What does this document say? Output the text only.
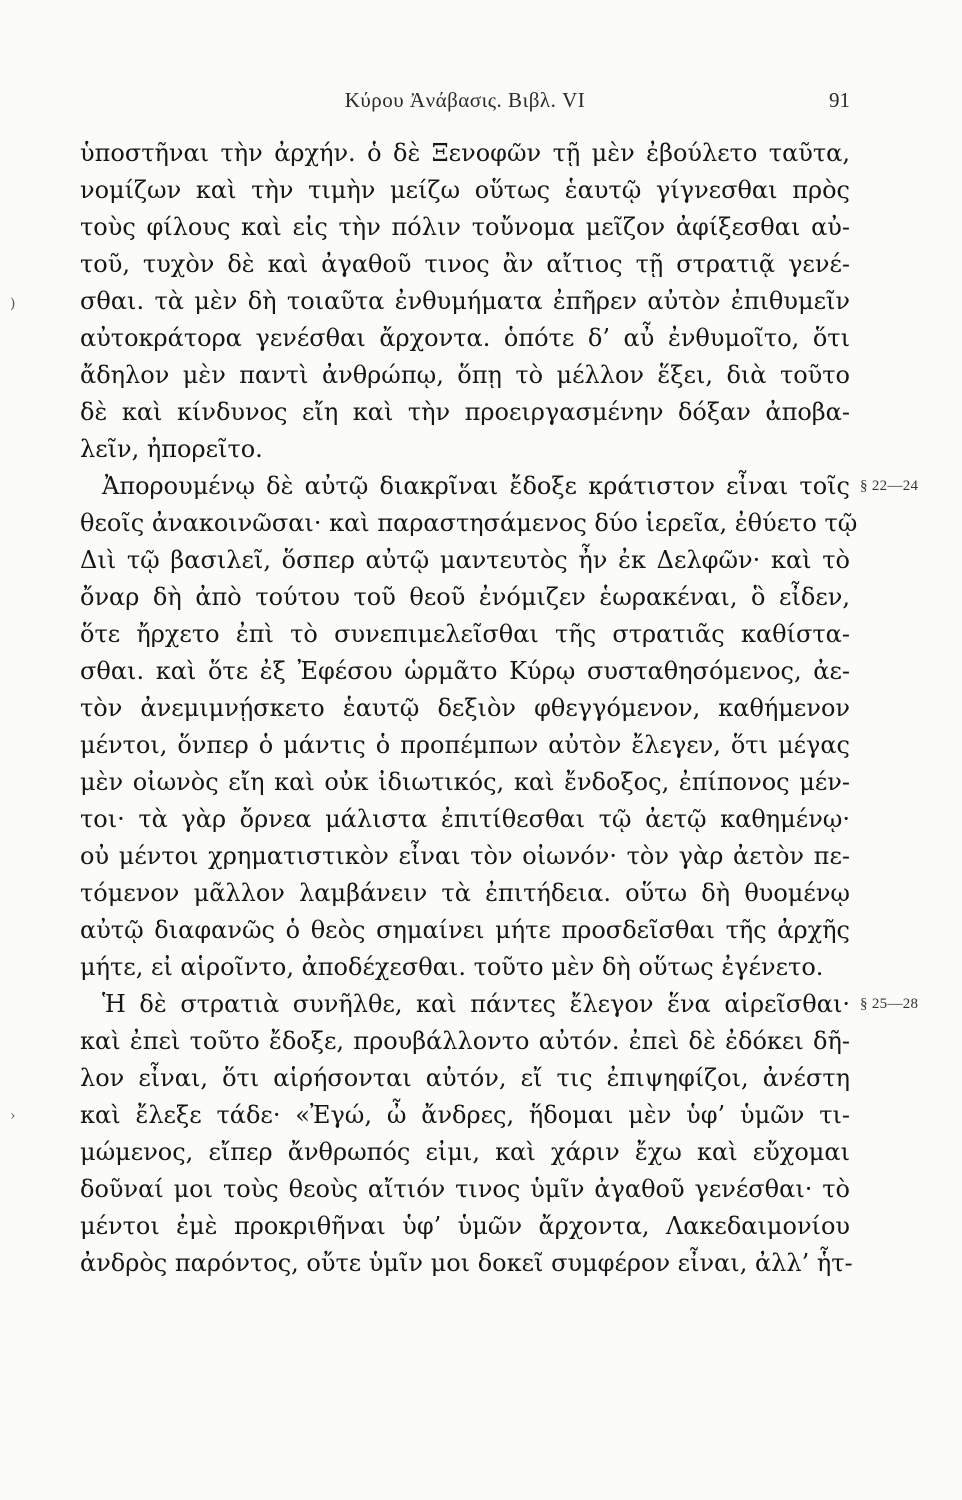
Κύρου Ἀνάβασις. Βιβλ. VI	91
)
›
ὑποστῆναι τὴν ἀρχήν. ὁ δὲ Ξενοφῶν τῇ μὲν ἐβούλετο ταῦτα,
νομίζων καὶ τὴν τιμὴν μείζω οὕτως ἑαυτῷ γίγνεσθαι πρὸς
τοὺς φίλους καὶ εἰς τὴν πόλιν τοὔνομα μεῖζον ἀφίξεσθαι αὐ-
τοῦ, τυχὸν δὲ καὶ ἀγαθοῦ τινος ἂν αἴτιος τῇ στρατιᾷ γενέ-
σθαι. τὰ μὲν δὴ τοιαῦτα ἐνθυμήματα ἐπῆρεν αὐτὸν ἐπιθυμεῖν
αὐτοκράτορα γενέσθαι ἄρχοντα. ὁπότε δ’ αὖ ἐνθυμοῖτο, ὅτι
ἄδηλον μὲν παντὶ ἀνθρώπῳ, ὅπῃ τὸ μέλλον ἕξει, διὰ τοῦτο
δὲ καὶ κίνδυνος εἴη καὶ τὴν προειργασμένην δόξαν ἀποβα-
λεῖν, ἠπορεῖτο.
Ἀπορουμένῳ δὲ αὐτῷ διακρῖναι ἔδοξε κράτιστον εἶναι τοῖς § 22—24
θεοῖς ἀνακοινῶσαι· καὶ παραστησάμενος δύο ἱερεῖα, ἐθύετο τῷ
Διὶ τῷ βασιλεῖ, ὅσπερ αὐτῷ μαντευτὸς ἦν ἐκ Δελφῶν· καὶ τὸ
ὄναρ δὴ ἀπὸ τούτου τοῦ θεοῦ ἐνόμιζεν ἑωρακέναι, ὃ εἶδεν,
ὅτε ἤρχετο ἐπὶ τὸ συνεπιμελεῖσθαι τῆς στρατιᾶς καθίστα-
σθαι. καὶ ὅτε ἐξ Ἐφέσου ὡρμᾶτο Κύρῳ συσταθησόμενος, ἀε-
τὸν ἀνεμιμνῄσκετο ἑαυτῷ δεξιὸν φθεγγόμενον, καθήμενον
μέντοι, ὅνπερ ὁ μάντις ὁ προπέμπων αὐτὸν ἔλεγεν, ὅτι μέγας
μὲν οἰωνὸς εἴη καὶ οὐκ ἰδιωτικός, καὶ ἔνδοξος, ἐπίπονος μέν-
τοι· τὰ γὰρ ὄρνεα μάλιστα ἐπιτίθεσθαι τῷ ἀετῷ καθημένῳ·
οὐ μέντοι χρηματιστικὸν εἶναι τὸν οἰωνόν· τὸν γὰρ ἀετὸν πε-
τόμενον μᾶλλον λαμβάνειν τὰ ἐπιτήδεια. οὕτω δὴ θυομένῳ
αὐτῷ διαφανῶς ὁ θεὸς σημαίνει μήτε προσδεῖσθαι τῆς ἀρχῆς
μήτε, εἰ αἱροῖντο, ἀποδέχεσθαι. τοῦτο μὲν δὴ οὕτως ἐγένετο.
Ἡ δὲ στρατιὰ συνῆλθε, καὶ πάντες ἔλεγον ἕνα αἱρεῖσθαι· § 25—28
καὶ ἐπεὶ τοῦτο ἔδοξε, προυβάλλοντο αὐτόν. ἐπεὶ δὲ ἐδόκει δῆ-
λον εἶναι, ὅτι αἱρήσονται αὐτόν, εἴ τις ἐπιψηφίζοι, ἀνέστη
καὶ ἔλεξε τάδε· «Ἐγώ, ὦ ἄνδρες, ἥδομαι μὲν ὑφ’ ὑμῶν τι-
μώμενος, εἴπερ ἄνθρωπός εἰμι, καὶ χάριν ἔχω καὶ εὔχομαι
δοῦναί μοι τοὺς θεοὺς αἴτιόν τινος ὑμῖν ἀγαθοῦ γενέσθαι· τὸ
μέντοι ἐμὲ προκριθῆναι ὑφ’ ὑμῶν ἄρχοντα, Λακεδαιμονίου
ἀνδρὸς παρόντος, οὔτε ὑμῖν μοι δοκεῖ συμφέρον εἶναι, ἀλλ’ ἧτ-
